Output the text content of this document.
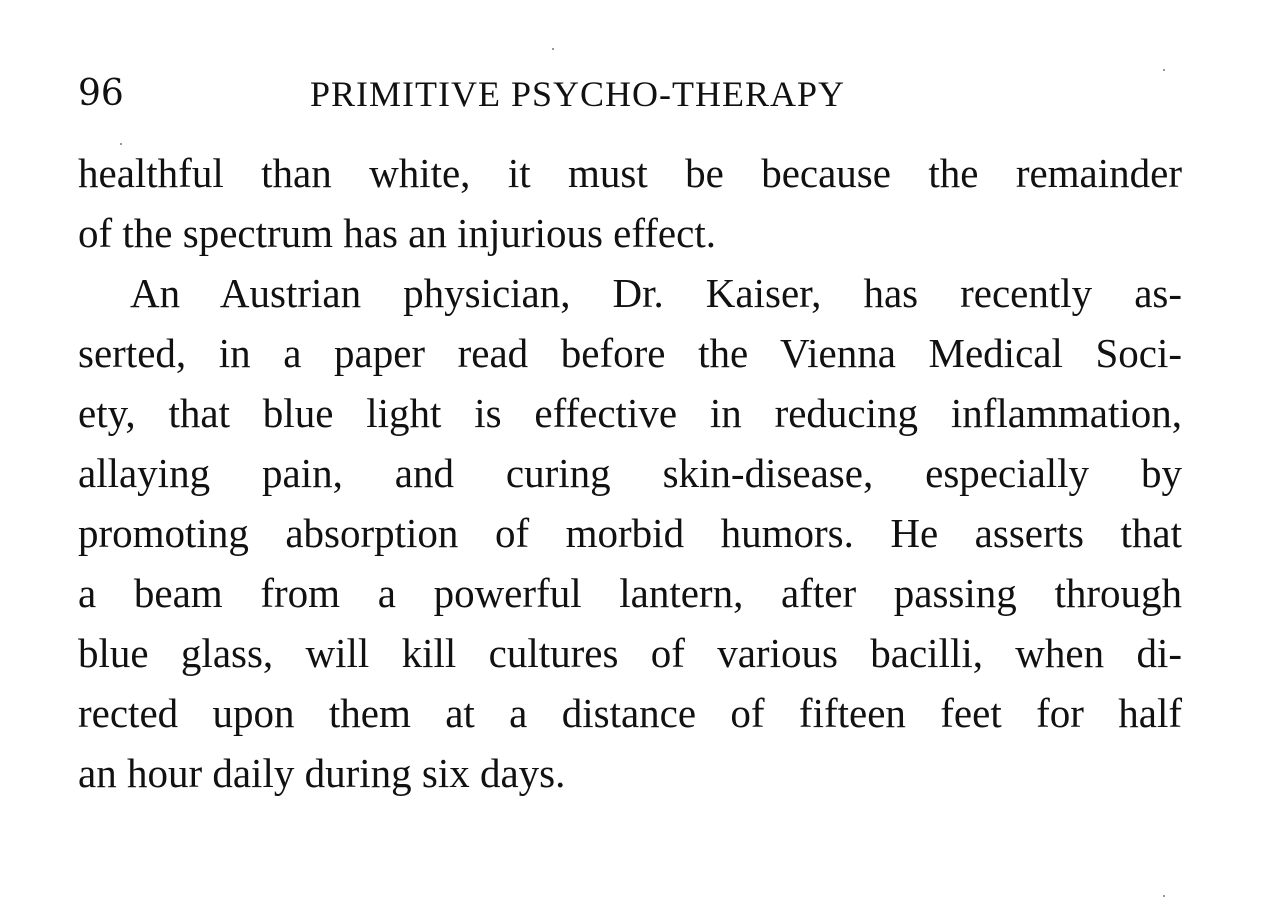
96	PRIMITIVE PSYCHO-THERAPY
healthful than white, it must be because the remainder
of the spectrum has an injurious effect.
An Austrian physician, Dr. Kaiser, has recently as-
serted, in a paper read before the Vienna Medical Soci-
ety, that blue light is effective in reducing inflammation,
allaying pain, and curing skin-disease, especially by
promoting absorption of morbid humors. He asserts that
a beam from a powerful lantern, after passing through
blue glass, will kill cultures of various bacilli, when di-
rected upon them at a distance of fifteen feet for half
an hour daily during six days.
